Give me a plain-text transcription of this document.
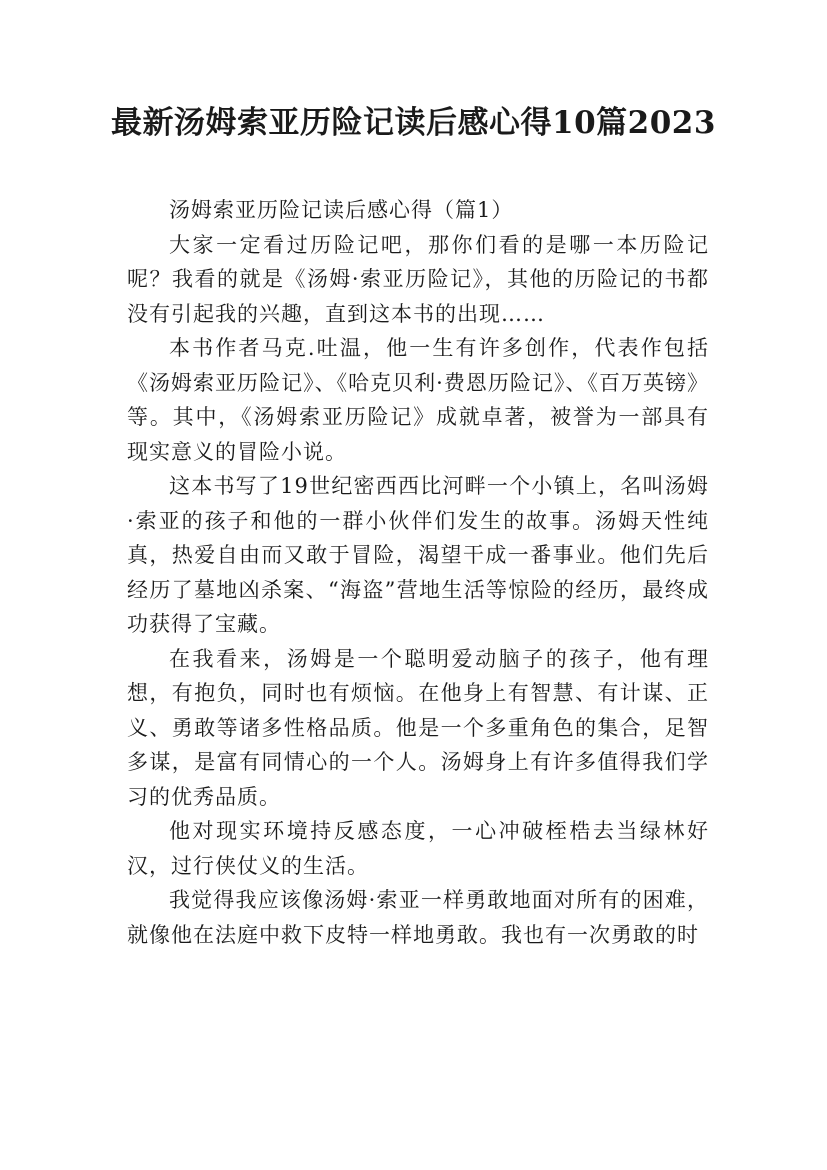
最新汤姆索亚历险记读后感心得10篇2023

汤姆索亚历险记读后感心得（篇1）

大家一定看过历险记吧，那你们看的是哪一本历险记呢？我看的就是《汤姆·索亚历险记》，其他的历险记的书都没有引起我的兴趣，直到这本书的出现……

本书作者马克.吐温，他一生有许多创作，代表作包括《汤姆索亚历险记》、《哈克贝利·费恩历险记》、《百万英镑》等。其中，《汤姆索亚历险记》成就卓著，被誉为一部具有现实意义的冒险小说。

这本书写了19世纪密西西比河畔一个小镇上，名叫汤姆·索亚的孩子和他的一群小伙伴们发生的故事。汤姆天性纯真，热爱自由而又敢于冒险，渴望干成一番事业。他们先后经历了墓地凶杀案、“海盗”营地生活等惊险的经历，最终成功获得了宝藏。

在我看来，汤姆是一个聪明爱动脑子的孩子，他有理想，有抱负，同时也有烦恼。在他身上有智慧、有计谋、正义、勇敢等诸多性格品质。他是一个多重角色的集合，足智多谋，是富有同情心的一个人。汤姆身上有许多值得我们学习的优秀品质。

他对现实环境持反感态度，一心冲破桎梏去当绿林好汉，过行侠仗义的生活。

我觉得我应该像汤姆·索亚一样勇敢地面对所有的困难，就像他在法庭中救下皮特一样地勇敢。我也有一次勇敢的时
